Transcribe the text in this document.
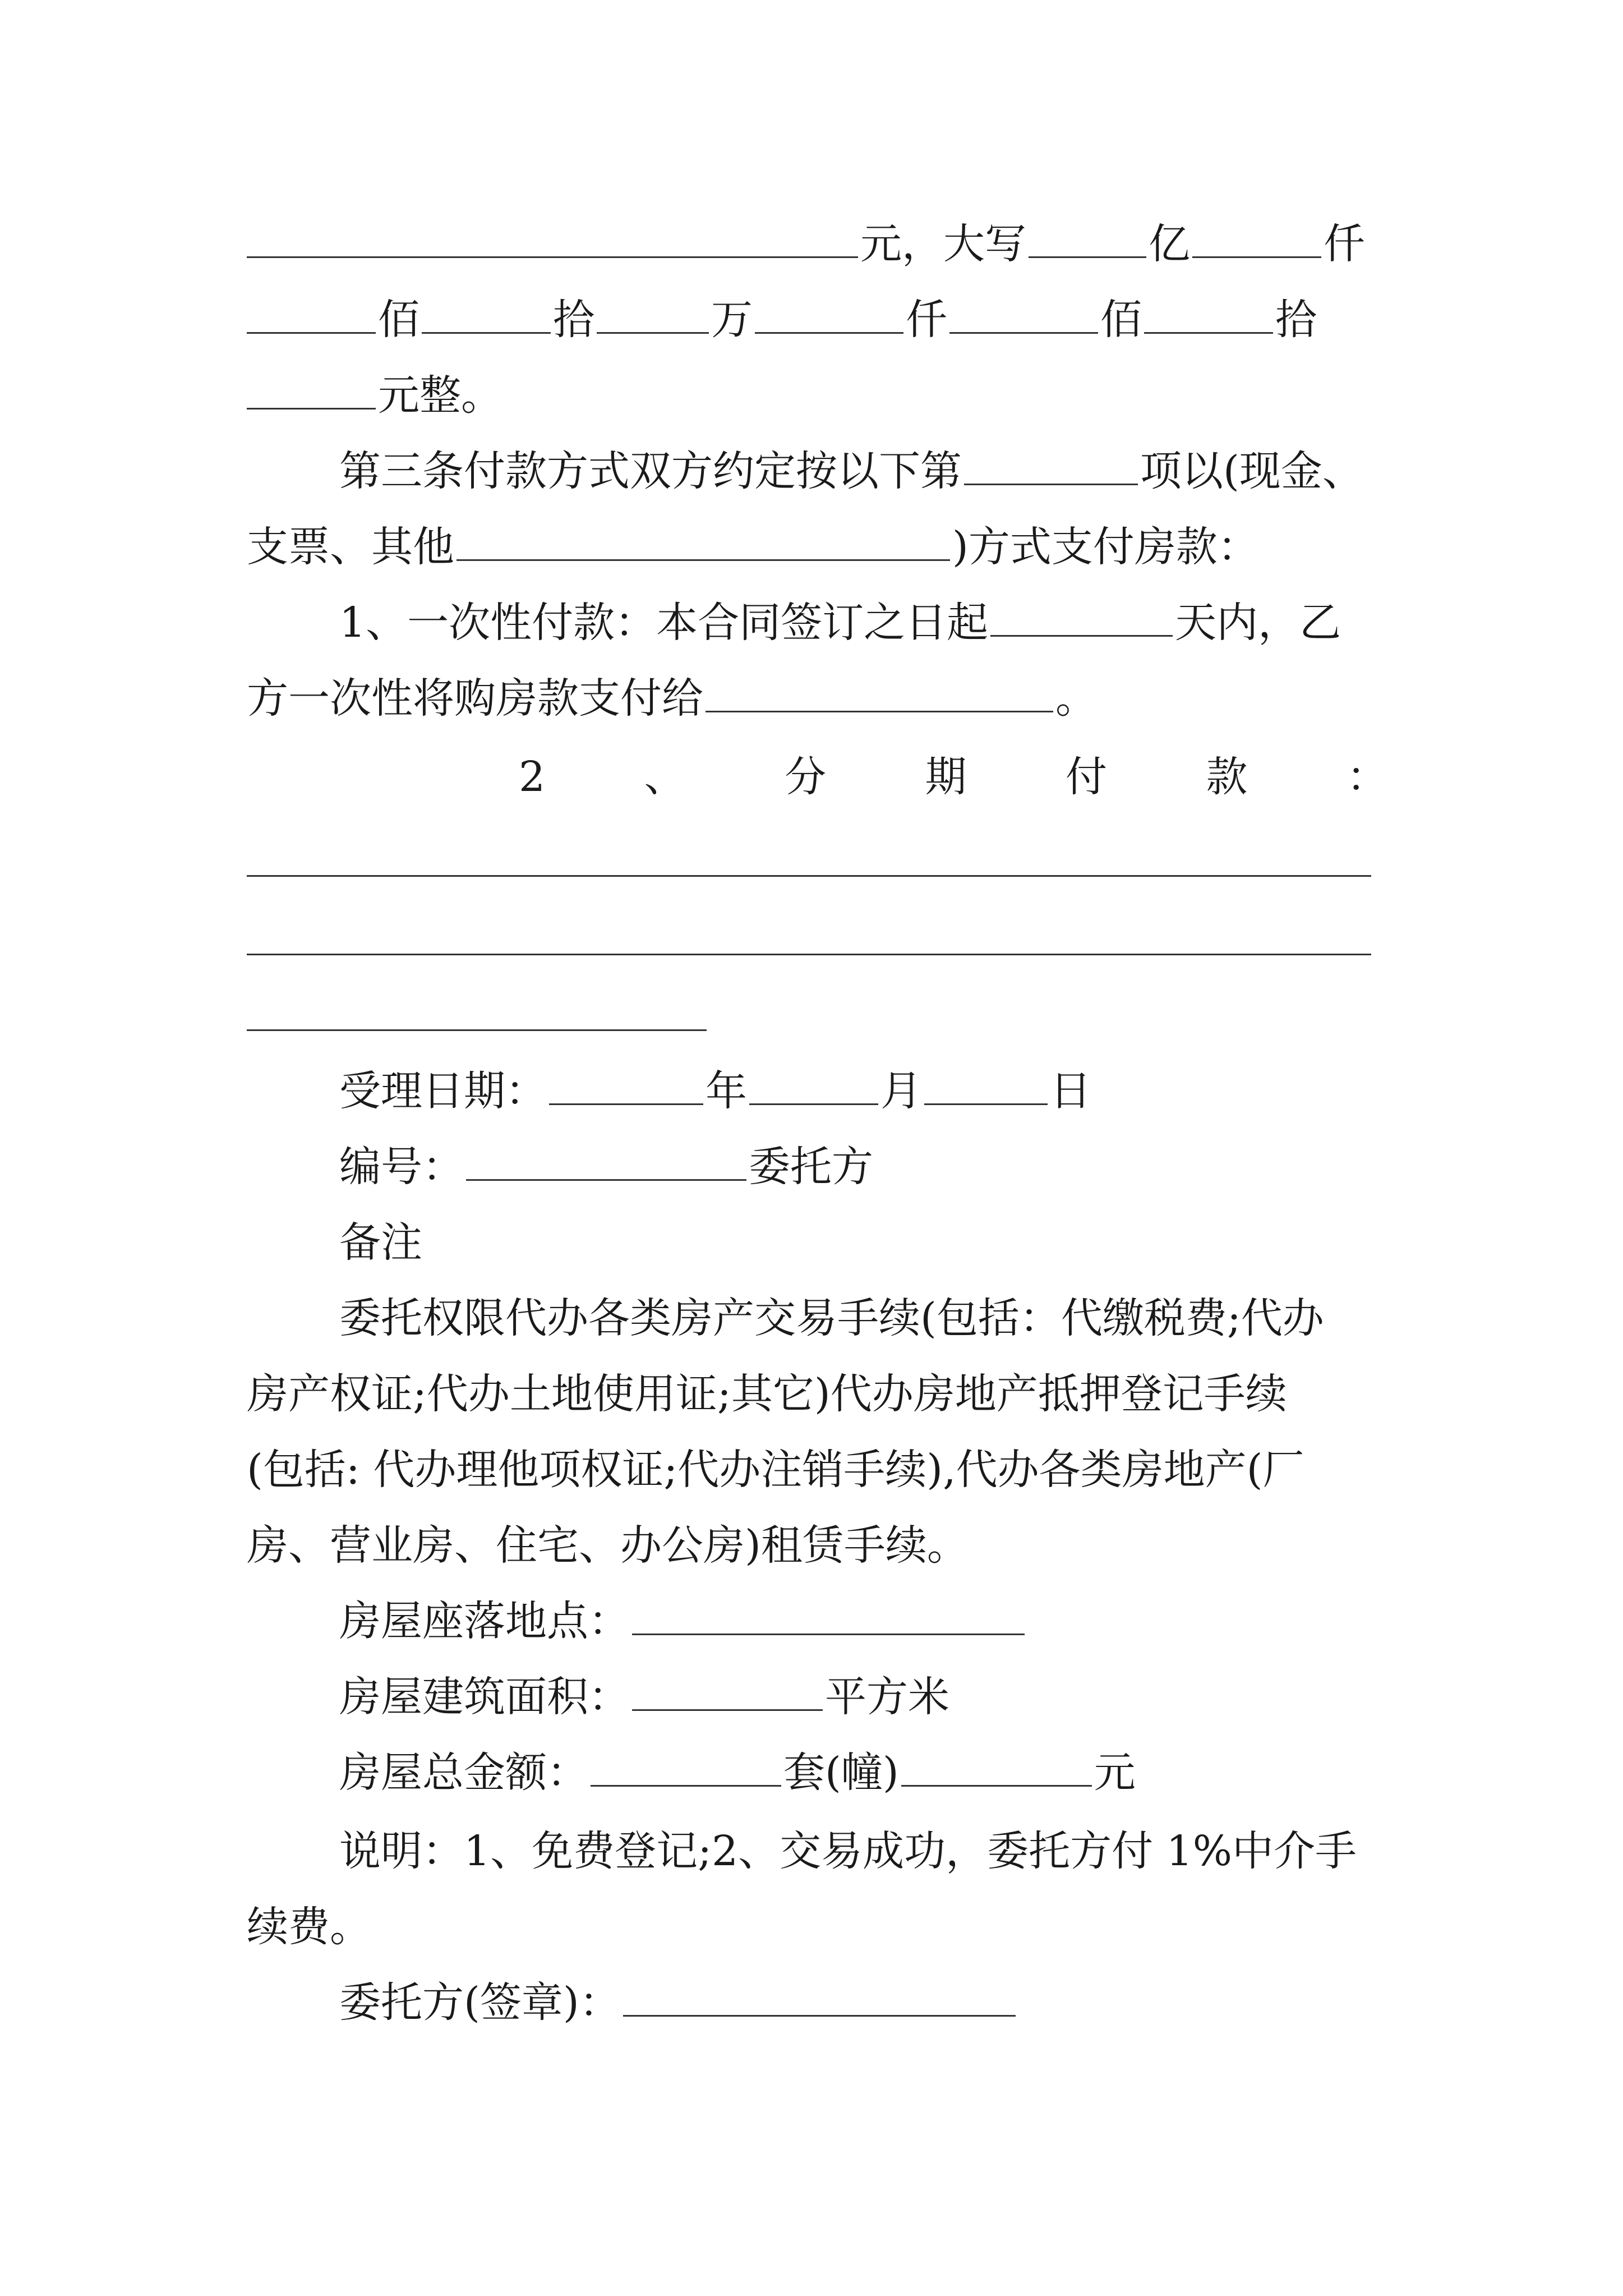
元，大写	亿	仟
佰	拾	万	仟	佰	拾
元整。
第三条付款方式双方约定按以下第	项以(现金、
支票、其他	)方式支付房款：
1、一次性付款：本合同签订之日起	天内，乙
方一次性将购房款支付给	。
2 、 分 期 付 款 ：
受理日期：	年	月	日
编号：	委托方
备注
委托权限代办各类房产交易手续(包括：代缴税费;代办
房产权证;代办土地使用证;其它)代办房地产抵押登记手续
(包括: 代办理他项权证;代办注销手续),代办各类房地产(厂
房、营业房、住宅、办公房)租赁手续。
房屋座落地点：
房屋建筑面积：	平方米
房屋总金额：	套(幢)	元
说明：1、免费登记;2、交易成功，委托方付 1%中介手
续费。
委托方(签章)：
